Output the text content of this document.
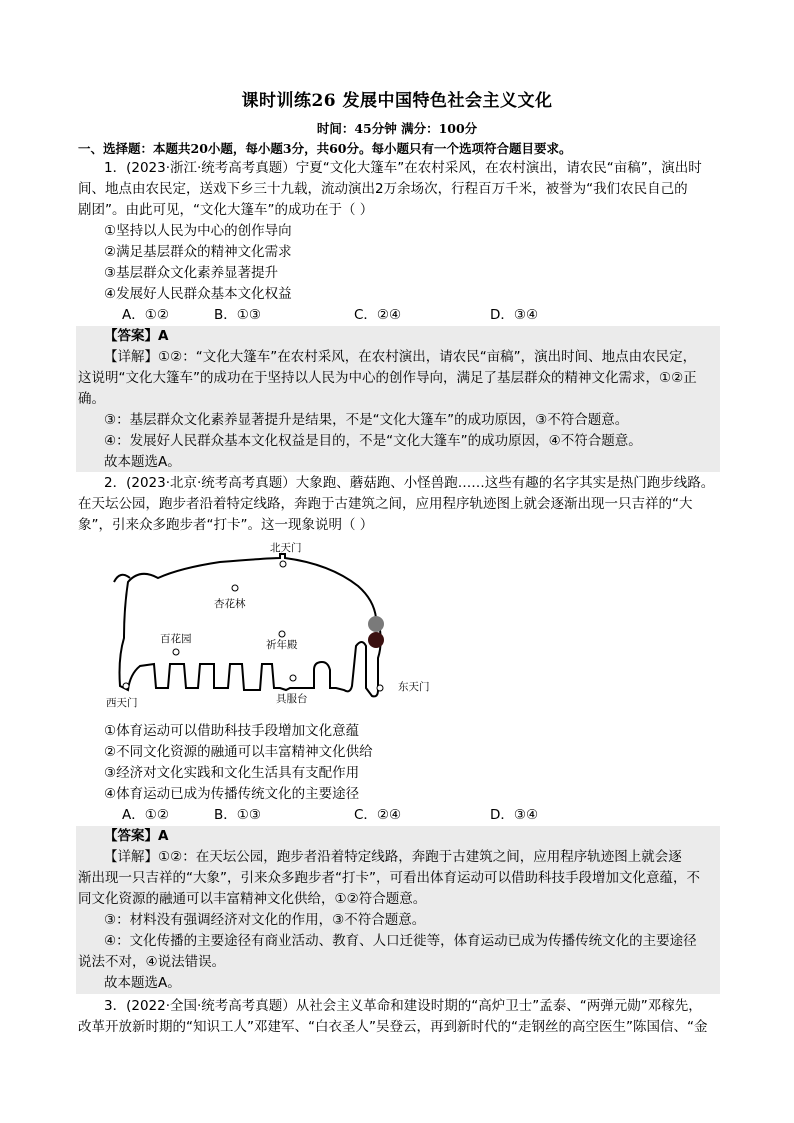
课时训练26 发展中国特色社会主义文化
时间：45分钟 满分：100分
一、选择题：本题共20小题，每小题3分，共60分。每小题只有一个选项符合题目要求。
1．(2023·浙江·统考高考真题）宁夏“文化大篷车”在农村采风，在农村演出，请农民“亩稿”，演出时
间、地点由农民定，送戏下乡三十九载，流动演出2万余场次，行程百万千米，被誉为“我们农民自己的
剧团”。由此可见，“文化大篷车”的成功在于（ ）
①坚持以人民为中心的创作导向
②满足基层群众的精神文化需求
③基层群众文化素养显著提升
④发展好人民群众基本文化权益
A．①②	B．①③	C．②④	D．③④
【答案】A
【详解】①②：“文化大篷车”在农村采风，在农村演出，请农民“亩稿”，演出时间、地点由农民定，
这说明“文化大篷车”的成功在于坚持以人民为中心的创作导向，满足了基层群众的精神文化需求，①②正
确。
③：基层群众文化素养显著提升是结果，不是“文化大篷车”的成功原因，③不符合题意。
④：发展好人民群众基本文化权益是目的，不是“文化大篷车”的成功原因，④不符合题意。
故本题选A。
2．(2023·北京·统考高考真题）大象跑、蘑菇跑、小怪兽跑……这些有趣的名字其实是热门跑步线路。
在天坛公园，跑步者沿着特定线路，奔跑于古建筑之间，应用程序轨迹图上就会逐渐出现一只吉祥的“大
象”，引来众多跑步者“打卡”。这一现象说明（ ）
北天门
杏花林
百花园	祈年殿
西天门
东天门
具服台
①体育运动可以借助科技手段增加文化意蕴
②不同文化资源的融通可以丰富精神文化供给
③经济对文化实践和文化生活具有支配作用
④体育运动已成为传播传统文化的主要途径
A．①②	B．①③	C．②④	D．③④
【答案】A
【详解】①②：在天坛公园，跑步者沿着特定线路，奔跑于古建筑之间，应用程序轨迹图上就会逐
渐出现一只吉祥的“大象”，引来众多跑步者“打卡”，可看出体育运动可以借助科技手段增加文化意蕴，不
同文化资源的融通可以丰富精神文化供给，①②符合题意。
③：材料没有强调经济对文化的作用，③不符合题意。
④：文化传播的主要途径有商业活动、教育、人口迁徙等，体育运动已成为传播传统文化的主要途径
说法不对，④说法错误。
故本题选A。
3．(2022·全国·统考高考真题）从社会主义革命和建设时期的“高炉卫士”孟泰、“两弹元勋”邓稼先，
改革开放新时期的“知识工人”邓建军、“白衣圣人”吴登云，再到新时代的“走钢丝的高空医生”陈国信、“金
